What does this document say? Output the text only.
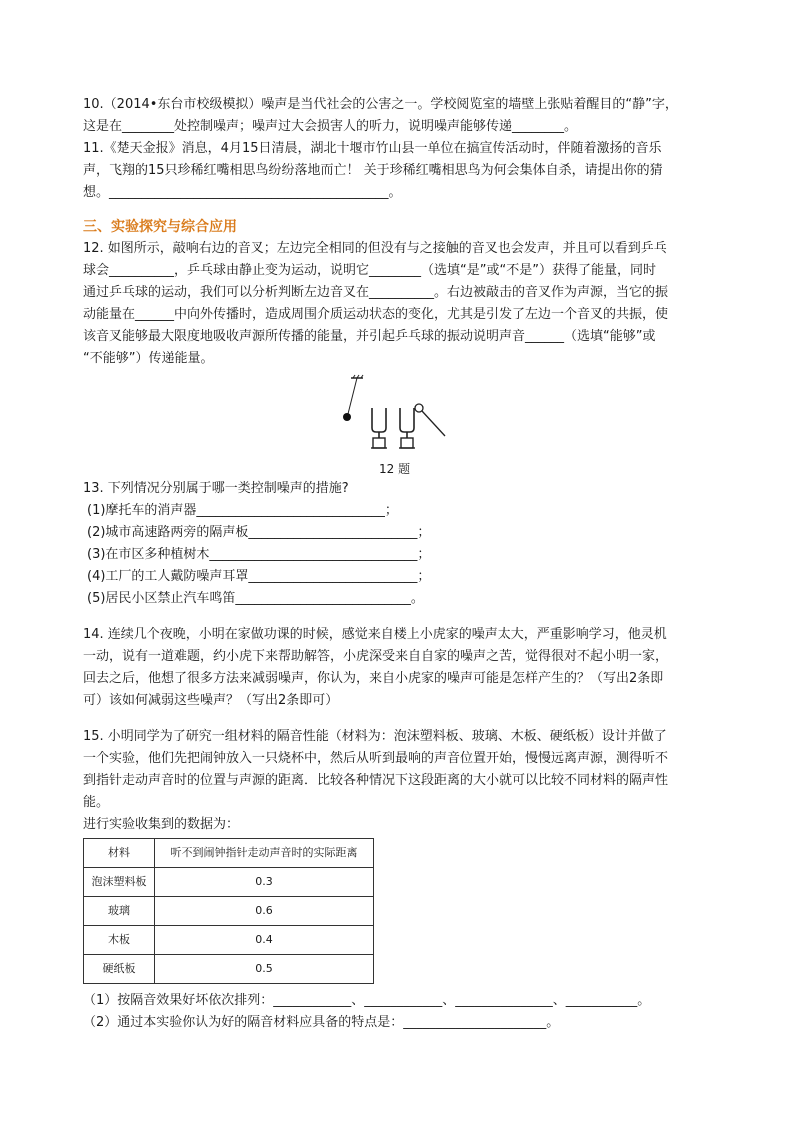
10.（2014•东台市校级模拟）噪声是当代社会的公害之一。学校阅览室的墙壁上张贴着醒目的“静”字，

这是在________处控制噪声；噪声过大会损害人的听力，说明噪声能够传递________。

11.《楚天金报》消息，4月15日清晨，湖北十堰市竹山县一单位在搞宣传活动时，伴随着激扬的音乐

声，飞翔的15只珍稀红嘴相思鸟纷纷落地而亡！ 关于珍稀红嘴相思鸟为何会集体自杀，请提出你的猜

想。___________________________________________。

三、实验探究与综合应用

12. 如图所示，敲响右边的音叉；左边完全相同的但没有与之接触的音叉也会发声，并且可以看到乒乓

球会__________，乒乓球由静止变为运动，说明它________（选填“是”或“不是”）获得了能量，同时

通过乒乓球的运动，我们可以分析判断左边音叉在__________。右边被敲击的音叉作为声源，当它的振

动能量在______中向外传播时，造成周围介质运动状态的变化，尤其是引发了左边一个音叉的共振，使

该音叉能够最大限度地吸收声源所传播的能量，并引起乒乓球的振动说明声音______（选填“能够”或

“不能够”）传递能量。

12 题

13. 下列情况分别属于哪一类控制噪声的措施?

(1)摩托车的消声器_____________________________；

(2)城市高速路两旁的隔声板__________________________；

(3)在市区多种植树木________________________________；

(4)工厂的工人戴防噪声耳罩__________________________；

(5)居民小区禁止汽车鸣笛___________________________。

14. 连续几个夜晚，小明在家做功课的时候，感觉来自楼上小虎家的噪声太大，严重影响学习，他灵机

一动，说有一道难题，约小虎下来帮助解答，小虎深受来自自家的噪声之苦，觉得很对不起小明一家，

回去之后，他想了很多方法来减弱噪声，你认为，来自小虎家的噪声可能是怎样产生的？（写出2条即

可）该如何减弱这些噪声？（写出2条即可）

15. 小明同学为了研究一组材料的隔音性能（材料为：泡沫塑料板、玻璃、木板、硬纸板）设计并做了

一个实验，他们先把闹钟放入一只烧杯中，然后从听到最响的声音位置开始，慢慢远离声源，测得听不

到指针走动声音时的位置与声源的距离．比较各种情况下这段距离的大小就可以比较不同材料的隔声性

能。

进行实验收集到的数据为：

材料	听不到闹钟指针走动声音时的实际距离
泡沫塑料板	0.3
玻璃	0.6
木板	0.4
硬纸板	0.5

（1）按隔音效果好坏依次排列：____________、____________、_______________、___________。

（2）通过本实验你认为好的隔音材料应具备的特点是：______________________。
